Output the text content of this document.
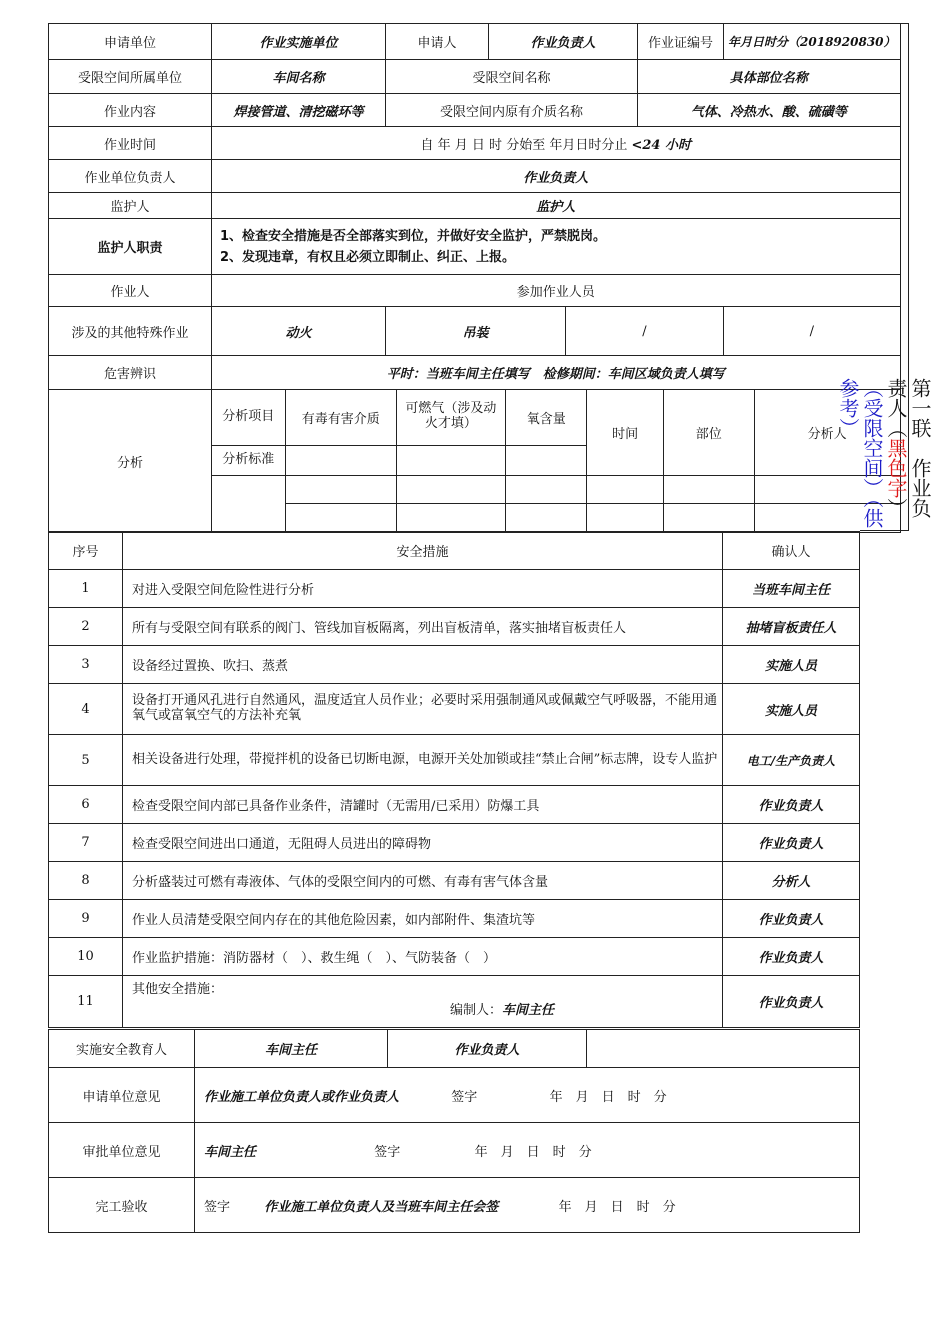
申请单位	作业实施单位	申请人	作业负责人	作业证编号	年月日时分（2018920830）
受限空间所属单位	车间名称	受限空间名称	具体部位名称
作业内容	焊接管道、清挖磁环等	受限空间内原有介质名称	气体、冷热水、酸、硫磺等
作业时间	自 年 月 日 时 分始至 年月日时分止 <24 小时
作业单位负责人	作业负责人
监护人	监护人
监护人职责	
1、检查安全措施是否全部落实到位，并做好安全监护，严禁脱岗。
2、发现违章，有权且必须立即制止、纠正、上报。

作业人	参加作业人员
涉及的其他特殊作业	动火	吊装	/	/
危害辨识	平时：当班车间主任填写　检修期间：车间区域负责人填写
分析	
分析项目	有毒有害介质	可燃气（涉及动火才填）	氧含量	时间	部位	分析人
分析标准			

序号	安全措施	确认人
1	对进入受限空间危险性进行分析	当班车间主任
2	所有与受限空间有联系的阀门、管线加盲板隔离，列出盲板清单，落实抽堵盲板责任人	抽堵盲板责任人
3	设备经过置换、吹扫、蒸煮	实施人员
4	设备打开通风孔进行自然通风，温度适宜人员作业；必要时采用强制通风或佩戴空气呼吸器，不能用通氧气或富氧空气的方法补充氧	实施人员
5	相关设备进行处理，带搅拌机的设备已切断电源，电源开关处加锁或挂“禁止合闸”标志牌，设专人监护	电工/生产负责人
6	检查受限空间内部已具备作业条件，清罐时（无需用/已采用）防爆工具	作业负责人
7	检查受限空间进出口通道，无阻碍人员进出的障碍物	作业负责人
8	分析盛装过可燃有毒液体、气体的受限空间内的可燃、有毒有害气体含量	分析人
9	作业人员清楚受限空间内存在的其他危险因素，如内部附件、集渣坑等	作业负责人
10	作业监护措施：消防器材（　）、救生绳（　）、气防装备（　）	作业负责人
11	其他安全措施：
编制人：车间主任	作业负责人
实施安全教育人	车间主任	作业负责人	
申请单位意见	作业施工单位负责人或作业负责人 签字 年　月　日　时　分		
审批单位意见	车间主任 签字 年　月　日　时　分		
完工验收	签字 作业施工单位负责人及当班车间主任会签 年　月　日　时　分		
第一联　作业负责人（黑色字）（受限空间）（供参考）
